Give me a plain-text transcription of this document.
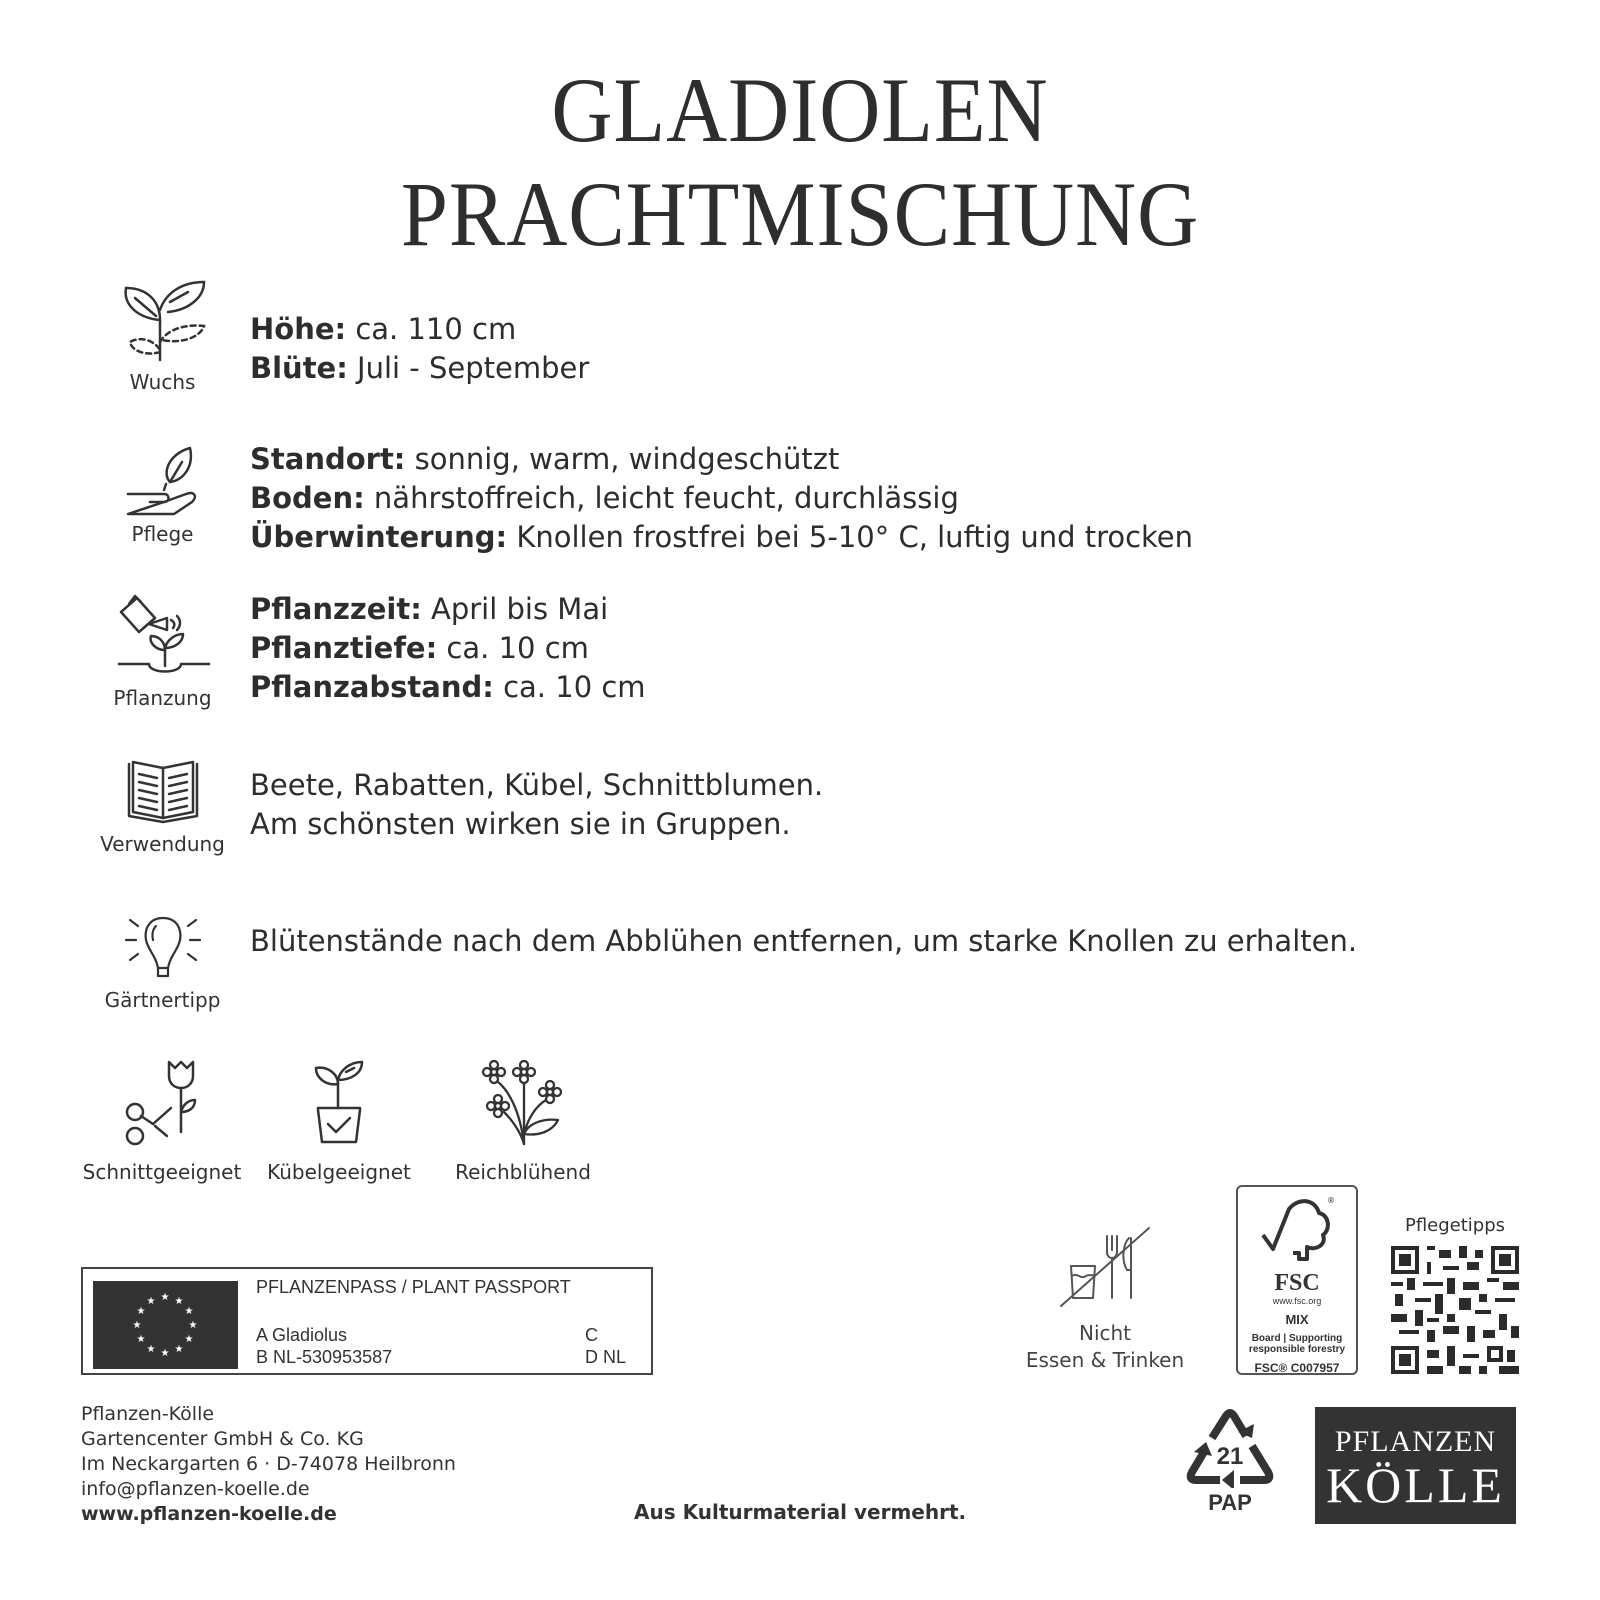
GLADIOLEN
PRACHTMISCHUNG
Wuchs
Höhe: ca. 110 cm
Blüte: Juli - September
Pflege
Standort: sonnig, warm, windgeschützt
Boden: nährstoffreich, leicht feucht, durchlässig
Überwinterung: Knollen frostfrei bei 5-10° C, luftig und trocken
Pflanzung
Pflanzzeit: April bis Mai
Pflanztiefe: ca. 10 cm
Pflanzabstand: ca. 10 cm
Verwendung
Beete, Rabatten, Kübel, Schnittblumen.
Am schönsten wirken sie in Gruppen.
Gärtnertipp
Blütenstände nach dem Abblühen entfernen, um starke Knollen zu erhalten.
Schnittgeeignet Kübelgeeignet	Reichblühend
★ ★
★
★
★
★
★
★
★
★
★
★
PFLANZENPASS / PLANT PASSPORT
A Gladiolus
B NL-530953587
C
D NL
Pflanzen-Kölle
Gartencenter GmbH & Co. KG
Im Neckargarten 6 · D-74078 Heilbronn
info@pflanzen-koelle.de
www.pflanzen-koelle.de	Aus Kulturmaterial vermehrt.
Nicht
Essen & Trinken
®
FSC
www.fsc.org
MIX
Board | Supporting
responsible forestry
FSC® C007957
Pflegetipps
21
PAP
PFLANZEN
KÖLLE
